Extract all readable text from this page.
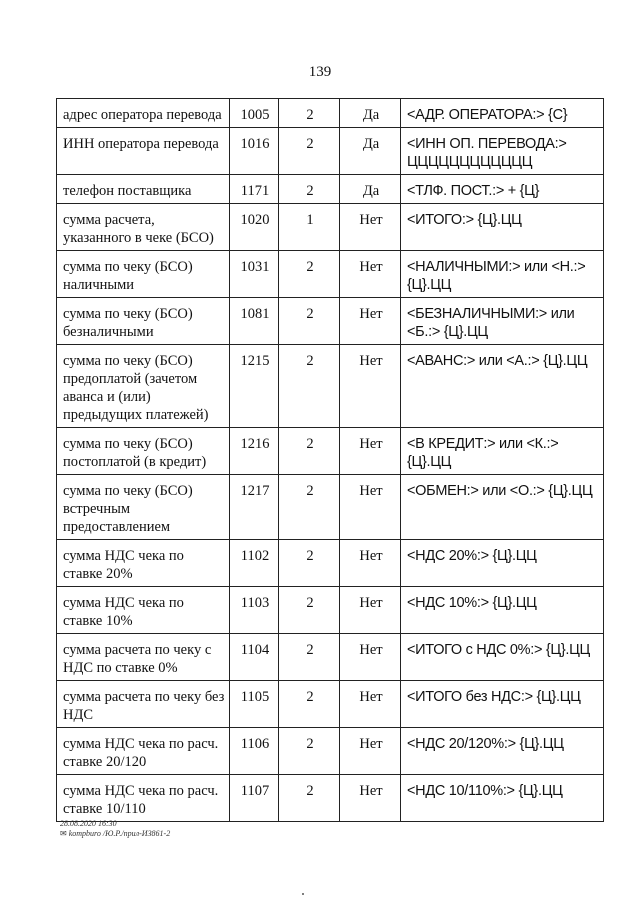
139
адрес оператора перевода	1005	2	Да	<АДР. ОПЕРАТОРА:> {С}
ИНН оператора перевода	1016	2	Да	<ИНН ОП. ПЕРЕВОДА:> ЦЦЦЦЦЦЦЦЦЦЦЦ
телефон поставщика	1171	2	Да	<ТЛФ. ПОСТ.:> + {Ц}
сумма расчета, указанного в чеке (БСО)	1020	1	Нет	<ИТОГО:> {Ц}.ЦЦ
сумма по чеку (БСО) наличными	1031	2	Нет	<НАЛИЧНЫМИ:> или <Н.:> {Ц}.ЦЦ
сумма по чеку (БСО) безналичными	1081	2	Нет	<БЕЗНАЛИЧНЫМИ:> или <Б.:> {Ц}.ЦЦ
сумма по чеку (БСО) предоплатой (зачетом аванса и (или) предыдущих платежей)	1215	2	Нет	<АВАНС:> или <А.:> {Ц}.ЦЦ
сумма по чеку (БСО) постоплатой (в кредит)	1216	2	Нет	<В КРЕДИТ:> или <К.:> {Ц}.ЦЦ
сумма по чеку (БСО) встречным предоставлением	1217	2	Нет	<ОБМЕН:> или <О.:> {Ц}.ЦЦ
сумма НДС чека по ставке 20%	1102	2	Нет	<НДС 20%:> {Ц}.ЦЦ
сумма НДС чека по ставке 10%	1103	2	Нет	<НДС 10%:> {Ц}.ЦЦ
сумма расчета по чеку с НДС по ставке 0%	1104	2	Нет	<ИТОГО с НДС 0%:> {Ц}.ЦЦ
сумма расчета по чеку без НДС	1105	2	Нет	<ИТОГО без НДС:> {Ц}.ЦЦ
сумма НДС чека по расч. ставке 20/120	1106	2	Нет	<НДС 20/120%:> {Ц}.ЦЦ
сумма НДС чека по расч. ставке 10/110	1107	2	Нет	<НДС 10/110%:> {Ц}.ЦЦ
28.08.2020 16:30
✉ kompburo /Ю.Р./прил-ИЗ861-2
